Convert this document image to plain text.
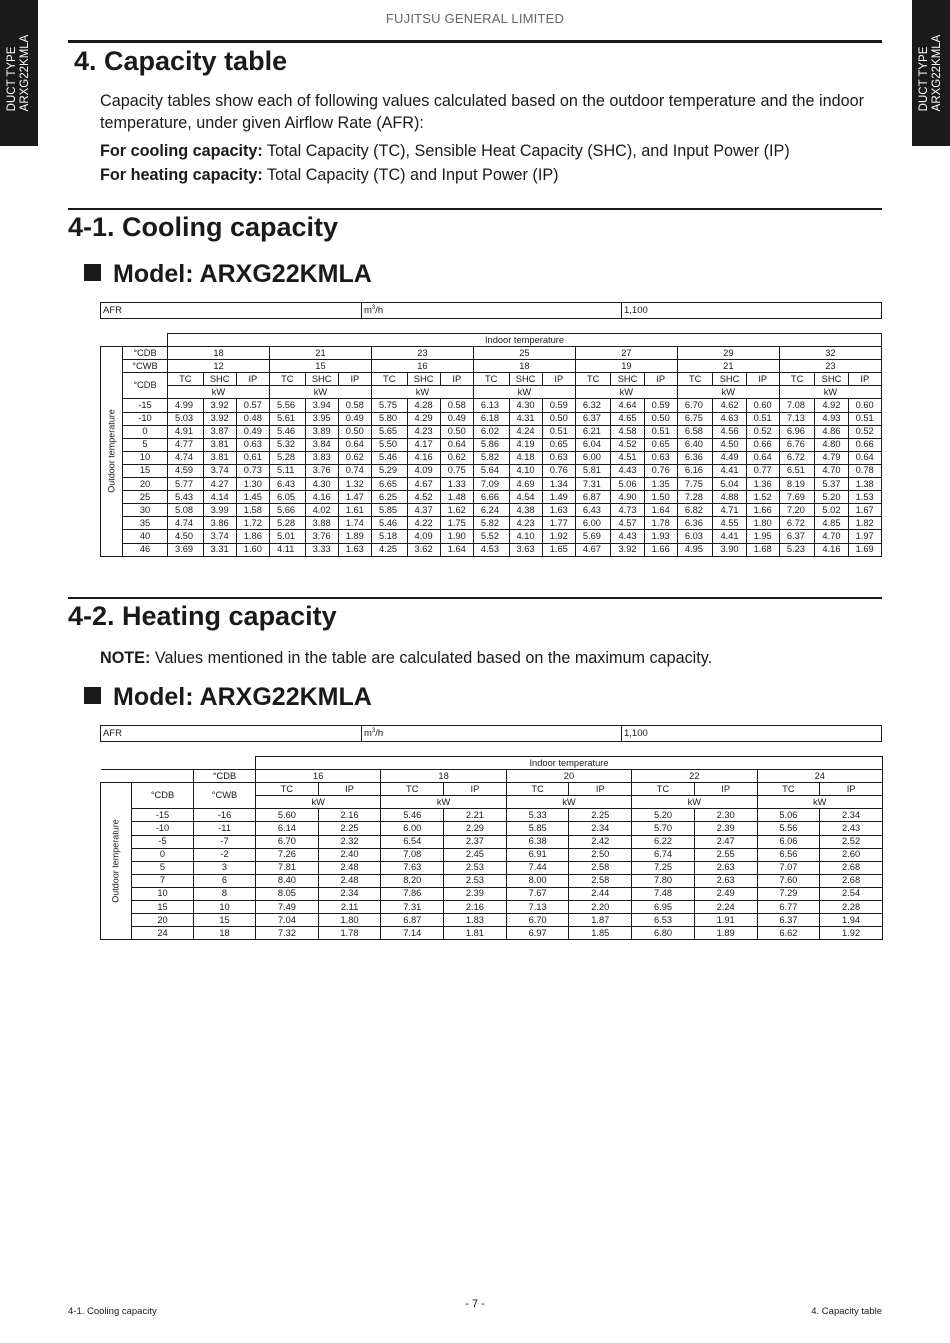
FUJITSU GENERAL LIMITED
DUCT TYPE ARXG22KMLA	DUCT TYPE ARXG22KMLA
4. Capacity table
Capacity tables show each of following values calculated based on the outdoor temperature and the indoor temperature, under given Airflow Rate (AFR):
For cooling capacity: Total Capacity (TC), Sensible Heat Capacity (SHC), and Input Power (IP)
For heating capacity: Total Capacity (TC) and Input Power (IP)
4-1. Cooling capacity
Model: ARXG22KMLA
AFR	$m^3/h$	1,100
		Indoor temperature																				

Outdoor temperature	°CDB	18			21			23			25			27			29			32		
	°CWB	12			15			16			18			19			21			23		
	°CDB	TC	SHC	IP	TC	SHC	IP	TC	SHC	IP	TC	SHC	IP	TC	SHC	IP	TC	SHC	IP	TC	SHC	IP
		kW			kW			kW			kW			kW			kW			kW		
	-15	4.99	3.92	0.57	5.56	3.94	0.58	5.75	4.28	0.58	6.13	4.30	0.59	6.32	4.64	0.59	6.70	4.62	0.60	7.08	4.92	0.60
	-10	5.03	3.92	0.48	5.61	3.95	0.49	5.80	4.29	0.49	6.18	4.31	0.50	6.37	4.65	0.50	6.75	4.63	0.51	7.13	4.93	0.51
	0	4.91	3.87	0.49	5.46	3.89	0.50	5.65	4.23	0.50	6.02	4.24	0.51	6.21	4.58	0.51	6.58	4.56	0.52	6.96	4.86	0.52
	5	4.77	3.81	0.63	5.32	3.84	0.64	5.50	4.17	0.64	5.86	4.19	0.65	6.04	4.52	0.65	6.40	4.50	0.66	6.76	4.80	0.66
	10	4.74	3.81	0.61	5.28	3.83	0.62	5.46	4.16	0.62	5.82	4.18	0.63	6.00	4.51	0.63	6.36	4.49	0.64	6.72	4.79	0.64
	15	4.59	3.74	0.73	5.11	3.76	0.74	5.29	4.09	0.75	5.64	4.10	0.76	5.81	4.43	0.76	6.16	4.41	0.77	6.51	4.70	0.78
	20	5.77	4.27	1.30	6.43	4.30	1.32	6.65	4.67	1.33	7.09	4.69	1.34	7.31	5.06	1.35	7.75	5.04	1.36	8.19	5.37	1.38
	25	5.43	4.14	1.45	6.05	4.16	1.47	6.25	4.52	1.48	6.66	4.54	1.49	6.87	4.90	1.50	7.28	4.88	1.52	7.69	5.20	1.53
	30	5.08	3.99	1.58	5.66	4.02	1.61	5.85	4.37	1.62	6.24	4.38	1.63	6.43	4.73	1.64	6.82	4.71	1.66	7.20	5.02	1.67
	35	4.74	3.86	1.72	5.28	3.88	1.74	5.46	4.22	1.75	5.82	4.23	1.77	6.00	4.57	1.78	6.36	4.55	1.80	6.72	4.85	1.82
	40	4.50	3.74	1.86	5.01	3.76	1.89	5.18	4.09	1.90	5.52	4.10	1.92	5.69	4.43	1.93	6.03	4.41	1.95	6.37	4.70	1.97
	46	3.69	3.31	1.60	4.11	3.33	1.63	4.25	3.62	1.64	4.53	3.63	1.65	4.67	3.92	1.66	4.95	3.90	1.68	5.23	4.16	1.69
4-2. Heating capacity
NOTE: Values mentioned in the table are calculated based on the maximum capacity.
Model: ARXG22KMLA
AFR	$m^3/h$	1,100
			Indoor temperature									
		°CDB	16		18		20		22		24	

Outdoor temperature	°CDB	°CWB	TC	IP	TC	IP	TC	IP	TC	IP	TC	IP
			kW		kW		kW		kW		kW	
	-15	-16	5.60	2.16	5.46	2.21	5.33	2.25	5.20	2.30	5.06	2.34
	-10	-11	6.14	2.25	6.00	2.29	5.85	2.34	5.70	2.39	5.56	2.43
	-5	-7	6.70	2.32	6.54	2.37	6.38	2.42	6.22	2.47	6.06	2.52
	0	-2	7.26	2.40	7.08	2.45	6.91	2.50	6.74	2.55	6.56	2.60
	5	3	7.81	2.48	7.63	2.53	7.44	2.58	7.25	2.63	7.07	2.68
	7	6	8.40	2.48	8.20	2.53	8.00	2.58	7.80	2.63	7.60	2.68
	10	8	8.05	2.34	7.86	2.39	7.67	2.44	7.48	2.49	7.29	2.54
	15	10	7.49	2.11	7.31	2.16	7.13	2.20	6.95	2.24	6.77	2.28
	20	15	7.04	1.80	6.87	1.83	6.70	1.87	6.53	1.91	6.37	1.94
	24	18	7.32	1.78	7.14	1.81	6.97	1.85	6.80	1.89	6.62	1.92
- 7 -
4-1. Cooling capacity	4. Capacity table
